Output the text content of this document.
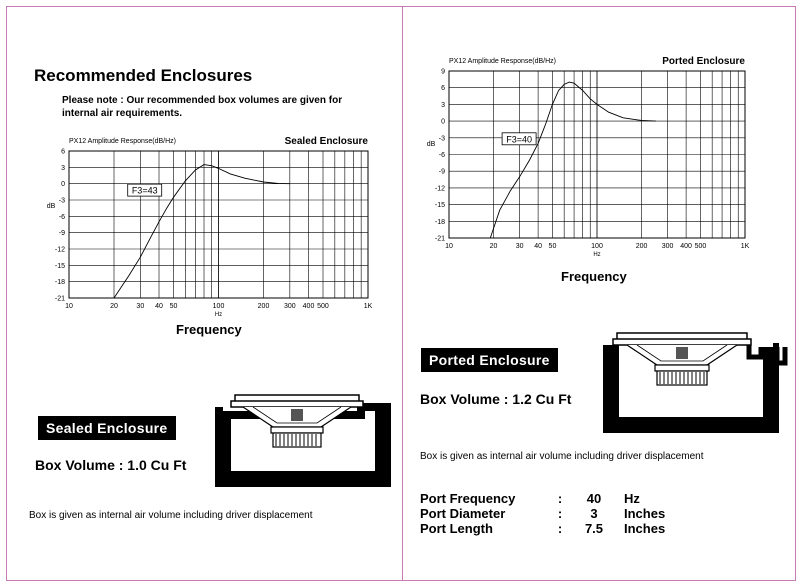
Recommended Enclosures
Please note : Our recommended box volumes are given for internal air requirements.
PX12 Amplitude Response(dB/Hz)	Sealed Enclosure
6
3
0
-3
-6
-9
-12
-15
-18
-21
10	20	30 40 50	100	200 300 400 500	1K
Hz
dB
F3=43
Frequency
Sealed Enclosure
Box Volume : 1.0 Cu Ft
Box is given as internal air volume including driver displacement
PX12 Amplitude Response(dB/Hz)	Ported Enclosure
9
6
3
0
-3
-6
-9
-12
-15
-18
-21
10	20	30 40 50	100	200 300 400 500	1K
Hz
dB
F3=40
Frequency
Ported Enclosure
Box Volume : 1.2 Cu Ft
Box is given as internal air volume including driver displacement
Port Frequency	:	40	Hz
Port Diameter	:	3	Inches
Port Length	:	7.5	Inches
